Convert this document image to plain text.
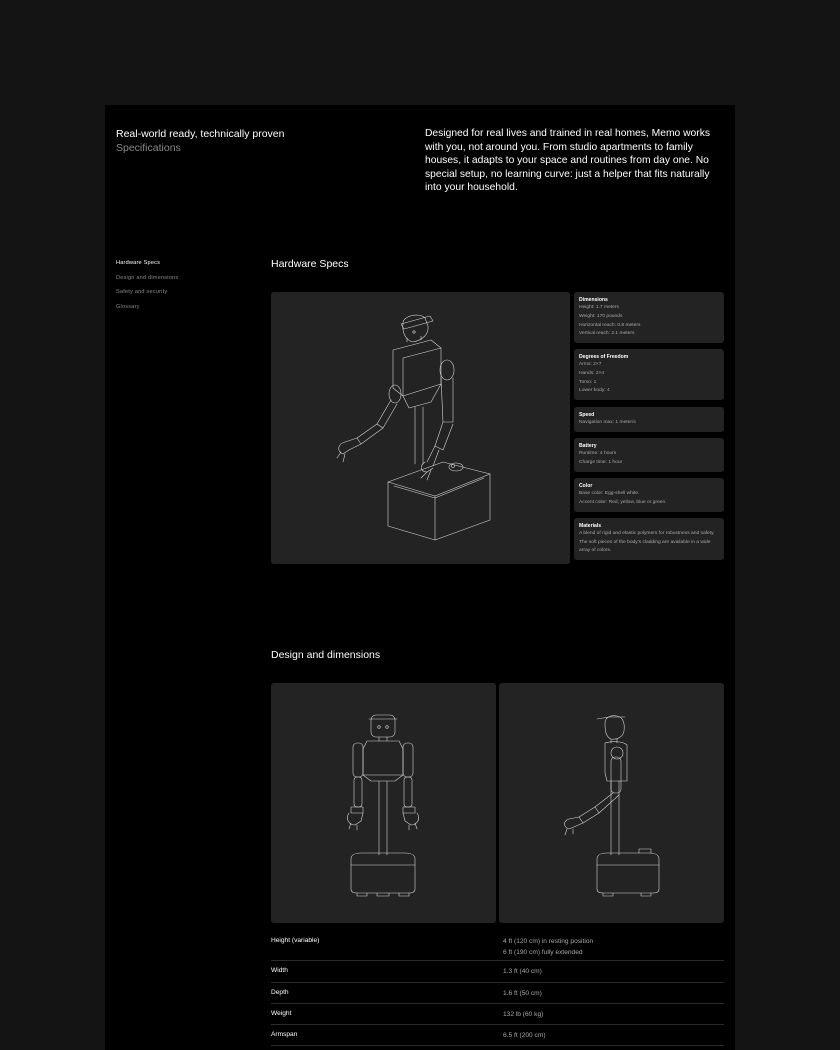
Real-world ready, technically proven
Specifications
Designed for real lives and trained in real homes, Memo works with you, not around you. From studio apartments to family houses, it adapts to your space and routines from day one. No special setup, no learning curve: just a helper that fits naturally into your household.
Hardware Specs
Design and dimensions
Safety and security
Glossary
Hardware Specs
Dimensions
Height: 1.7 meters
Weight: 170 pounds
Horizontal reach: 0.8 meters
Vertical reach: 2.1 meters
Degrees of Freedom
Arms: 2×7
Hands: 2×4
Torso: 1
Lower body: 4
Speed
Navigation max: 1 meter/s
Battery
Runtime: 4 hours
Charge time: 1 hour
Color
Base color: Egg-shell white.
Accent color: Red, yellow, blue or green.
Materials
A blend of rigid and elastic polymers for robustness and safety. The soft pieces of the body's cladding are available in a wide array of colors.
Design and dimensions
Height (variable)	4 ft (120 cm) in resting position
6 ft (190 cm) fully extended
Width	1.3 ft (40 cm)
Depth	1.6 ft (50 cm)
Weight	132 lb (60 kg)
Armspan	6.5 ft (200 cm)
